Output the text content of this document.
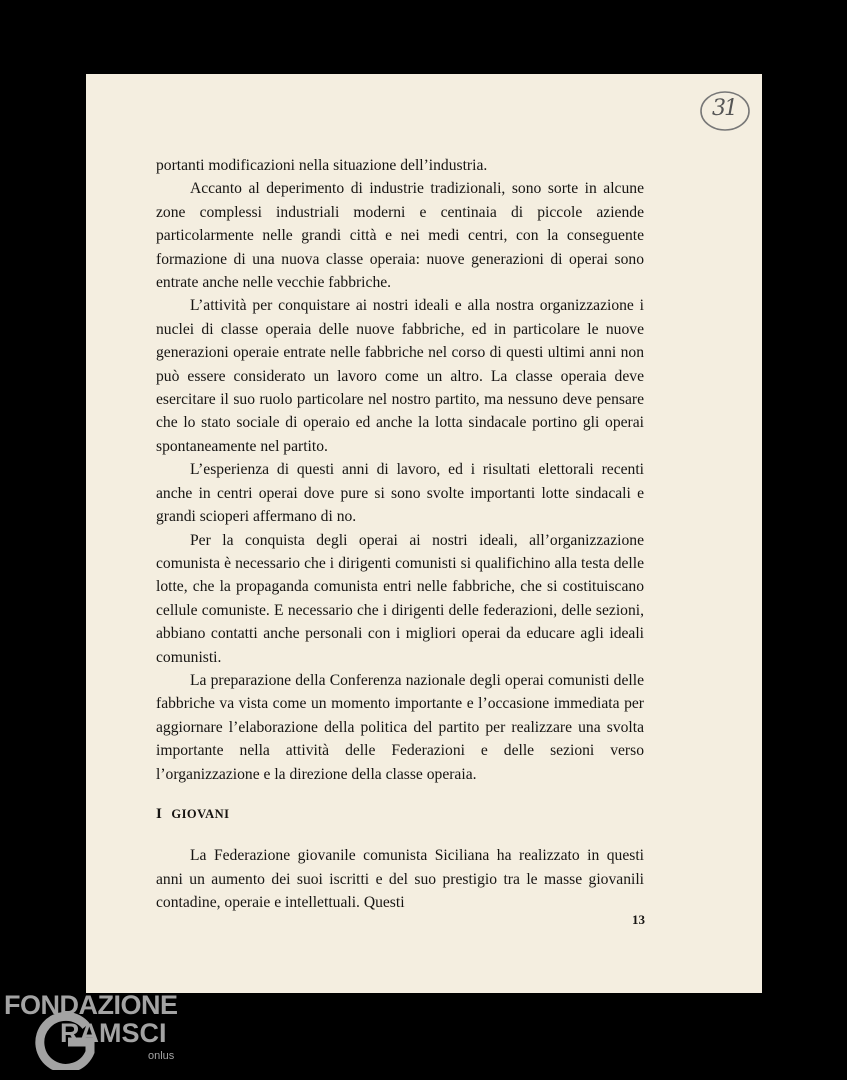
31

portanti modificazioni nella situazione dell’industria.

Accanto al deperimento di industrie tradizionali, sono sorte in alcune zone complessi industriali moderni e centinaia di piccole aziende particolarmente nelle grandi città e nei medi centri, con la conseguente formazione di una nuova classe operaia: nuove generazioni di operai sono entrate anche nelle vecchie fabbriche.

L’attività per conquistare ai nostri ideali e alla nostra organizzazione i nuclei di classe operaia delle nuove fabbriche, ed in particolare le nuove generazioni operaie entrate nelle fabbriche nel corso di questi ultimi anni non può essere considerato un lavoro come un altro. La classe operaia deve esercitare il suo ruolo particolare nel nostro partito, ma nessuno deve pensare che lo stato sociale di operaio ed anche la lotta sindacale portino gli operai spontaneamente nel partito.

L’esperienza di questi anni di lavoro, ed i risultati elettorali recenti anche in centri operai dove pure si sono svolte importanti lotte sindacali e grandi scioperi affermano di no.

Per la conquista degli operai ai nostri ideali, all’organizzazione comunista è necessario che i dirigenti comunisti si qualifichino alla testa delle lotte, che la propaganda comunista entri nelle fabbriche, che si costituiscano cellule comuniste. E necessario che i dirigenti delle federazioni, delle sezioni, abbiano contatti anche personali con i migliori operai da educare agli ideali comunisti.

La preparazione della Conferenza nazionale degli operai comunisti delle fabbriche va vista come un momento importante e l’occasione immediata per aggiornare l’elaborazione della politica del partito per realizzare una svolta importante nella attività delle Federazioni e delle sezioni verso l’organizzazione e la direzione della classe operaia.

I GIOVANI

La Federazione giovanile comunista Siciliana ha realizzato in questi anni un aumento dei suoi iscritti e del suo prestigio tra le masse giovanili contadine, operaie e intellettuali. Questi

13
FONDAZIONE
RAMSCI
onlus
